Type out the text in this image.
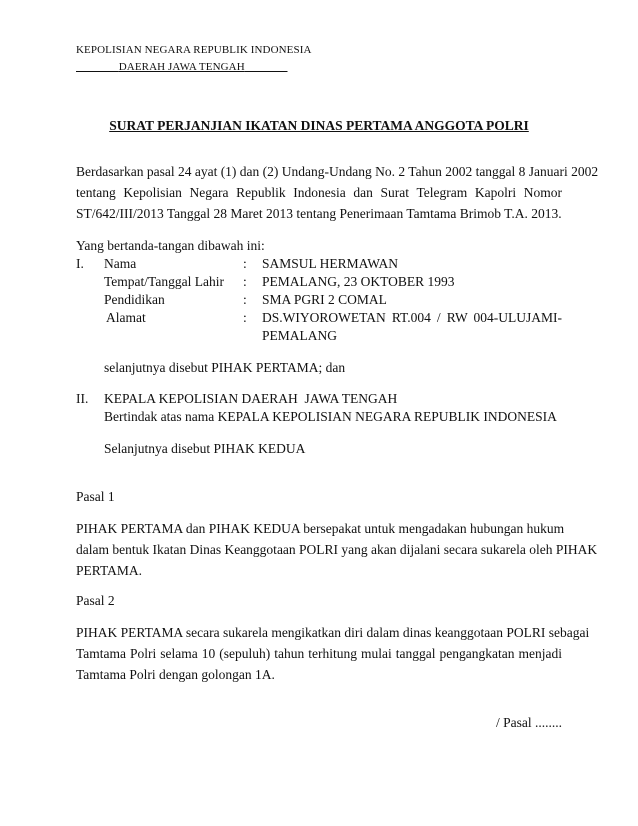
KEPOLISIAN NEGARA REPUBLIK INDONESIA
DAERAH JAWA TENGAH
SURAT PERJANJIAN IKATAN DINAS PERTAMA ANGGOTA POLRI
Berdasarkan pasal 24 ayat (1) dan (2) Undang-Undang No. 2 Tahun 2002 tanggal 8 Januari 2002
tentang Kepolisian Negara Republik Indonesia dan Surat Telegram Kapolri Nomor
ST/642/III/2013 Tanggal 28 Maret 2013 tentang Penerimaan Tamtama Brimob T.A. 2013.
Yang bertanda-tangan dibawah ini:
I. Nama	: SAMSUL HERMAWAN
Tempat/Tanggal Lahir : PEMALANG, 23 OKTOBER 1993
Pendidikan	: SMA PGRI 2 COMAL
Alamat	: DS.WIYOROWETAN RT.004 / RW 004-ULUJAMI-
PEMALANG
selanjutnya disebut PIHAK PERTAMA; dan
II. KEPALA KEPOLISIAN DAERAH  JAWA TENGAH
Bertindak atas nama KEPALA KEPOLISIAN NEGARA REPUBLIK INDONESIA
Selanjutnya disebut PIHAK KEDUA
Pasal 1
PIHAK PERTAMA dan PIHAK KEDUA bersepakat untuk mengadakan hubungan hukum
dalam bentuk Ikatan Dinas Keanggotaan POLRI yang akan dijalani secara sukarela oleh PIHAK
PERTAMA.
Pasal 2
PIHAK PERTAMA secara sukarela mengikatkan diri dalam dinas keanggotaan POLRI sebagai
Tamtama Polri selama 10 (sepuluh) tahun terhitung mulai tanggal pengangkatan menjadi
Tamtama Polri dengan golongan 1A.
/ Pasal ........
